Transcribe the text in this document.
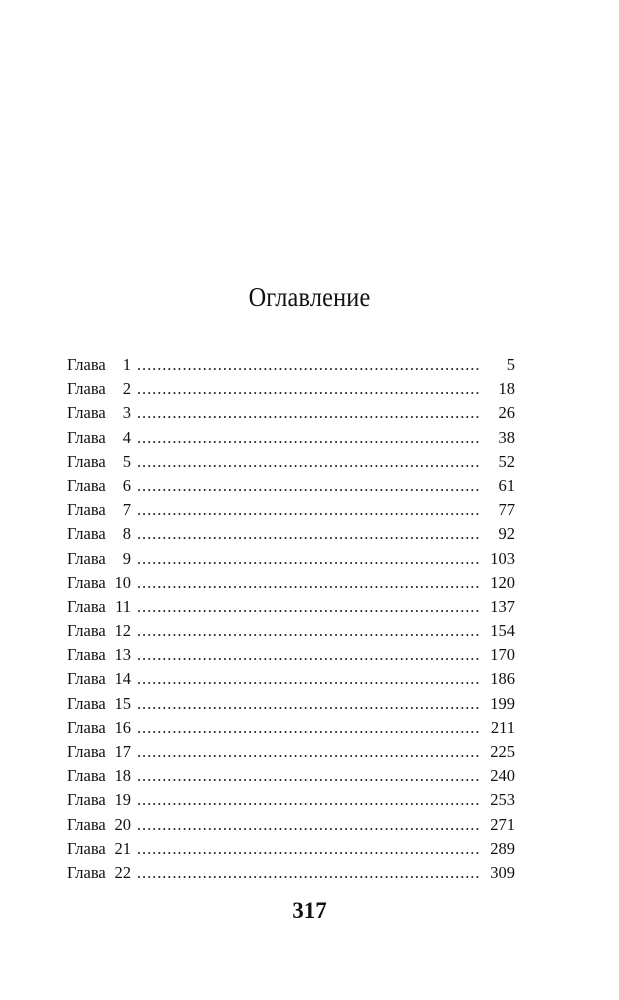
Оглавление
Глава	1 . . .	5
Глава	2 . . .	18
Глава	3 . . .	26
Глава	4 . . .	38
Глава	5 . . .	52
Глава	6 . . .	61
Глава	7 . . .	77
Глава	8 . . .	92
Глава	9 . . .	103
Глава 10 . . .	120
Глава 11 . . .	137
Глава 12 . . .	154
Глава 13 . . .	170
Глава 14 . . .	186
Глава 15 . . .	199
Глава 16 . . .	211
Глава 17 . . .	225
Глава 18 . . .	240
Глава 19 . . .	253
Глава 20 . . .	271
Глава 21 . . .	289
Глава 22 . . .	309

317
